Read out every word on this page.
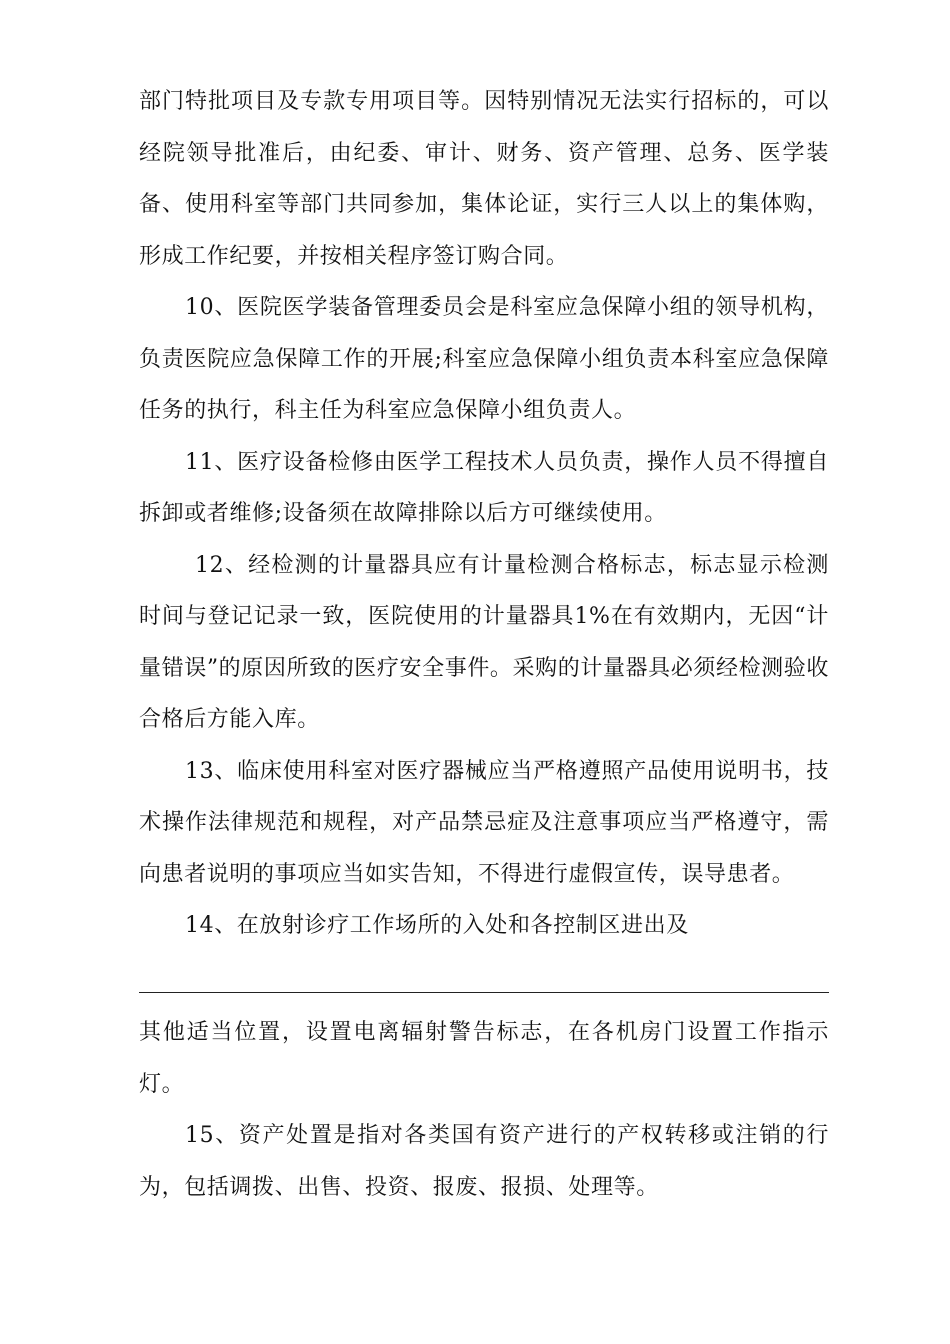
部门特批项目及专款专用项目等。因特别情况无法实行招标的，可以经院领导批准后，由纪委、审计、财务、资产管理、总务、医学装备、使用科室等部门共同参加，集体论证，实行三人以上的集体购，形成工作纪要，并按相关程序签订购合同。

10、医院医学装备管理委员会是科室应急保障小组的领导机构，负责医院应急保障工作的开展;科室应急保障小组负责本科室应急保障任务的执行，科主任为科室应急保障小组负责人。

11、医疗设备检修由医学工程技术人员负责，操作人员不得擅自拆卸或者维修;设备须在故障排除以后方可继续使用。

12、经检测的计量器具应有计量检测合格标志，标志显示检测时间与登记记录一致，医院使用的计量器具1%在有效期内，无因“计量错误”的原因所致的医疗安全事件。采购的计量器具必须经检测验收合格后方能入库。

13、临床使用科室对医疗器械应当严格遵照产品使用说明书，技术操作法律规范和规程，对产品禁忌症及注意事项应当严格遵守，需向患者说明的事项应当如实告知，不得进行虚假宣传，误导患者。

14、在放射诊疗工作场所的入处和各控制区进出及

其他适当位置，设置电离辐射警告标志，在各机房门设置工作指示灯。

15、资产处置是指对各类国有资产进行的产权转移或注销的行为，包括调拨、出售、投资、报废、报损、处理等。
